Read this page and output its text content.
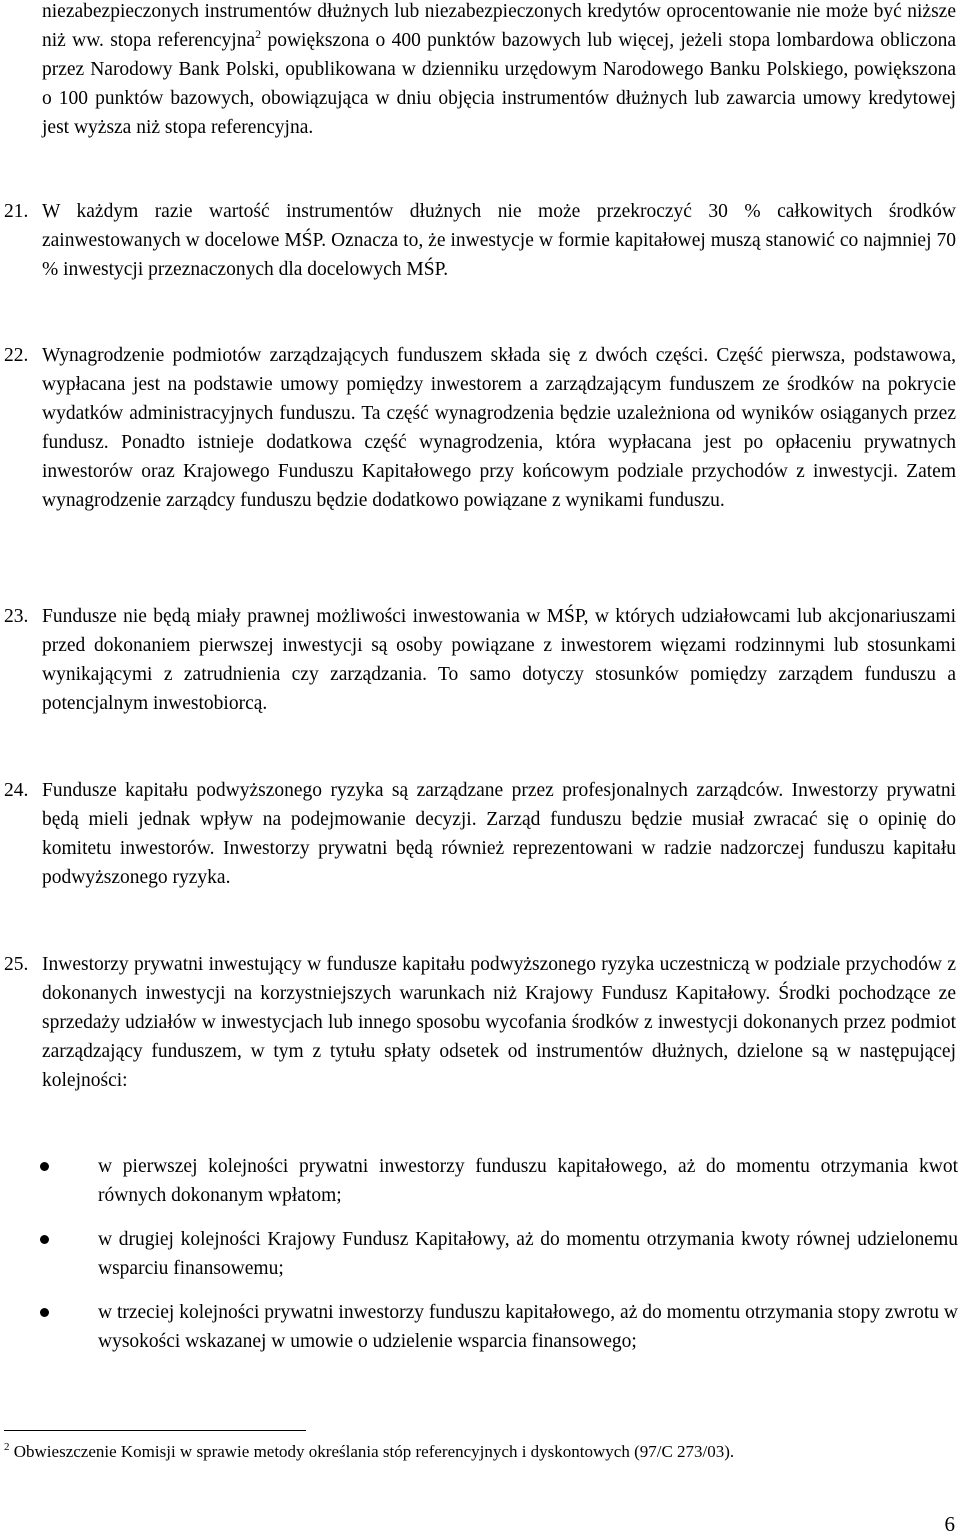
niezabezpieczonych instrumentów dłużnych lub niezabezpieczonych kredytów oprocentowanie nie może być niższe niż ww. stopa referencyjna$^2$ powiększona o 400 punktów bazowych lub więcej, jeżeli stopa lombardowa obliczona przez Narodowy Bank Polski, opublikowana w dzienniku urzędowym Narodowego Banku Polskiego, powiększona o 100 punktów bazowych, obowiązująca w dniu objęcia instrumentów dłużnych lub zawarcia umowy kredytowej jest wyższa niż stopa referencyjna.

21. W każdym razie wartość instrumentów dłużnych nie może przekroczyć 30 % całkowitych środków zainwestowanych w docelowe MŚP. Oznacza to, że inwestycje w formie kapitałowej muszą stanowić co najmniej 70 % inwestycji przeznaczonych dla docelowych MŚP.
22. Wynagrodzenie podmiotów zarządzających funduszem składa się z dwóch części. Część pierwsza, podstawowa, wypłacana jest na podstawie umowy pomiędzy inwestorem a zarządzającym funduszem ze środków na pokrycie wydatków administracyjnych funduszu. Ta część wynagrodzenia będzie uzależniona od wyników osiąganych przez fundusz. Ponadto istnieje dodatkowa część wynagrodzenia, która wypłacana jest po opłaceniu prywatnych inwestorów oraz Krajowego Funduszu Kapitałowego przy końcowym podziale przychodów z inwestycji. Zatem wynagrodzenie zarządcy funduszu będzie dodatkowo powiązane z wynikami funduszu.
23. Fundusze nie będą miały prawnej możliwości inwestowania w MŚP, w których udziałowcami lub akcjonariuszami przed dokonaniem pierwszej inwestycji są osoby powiązane z inwestorem więzami rodzinnymi lub stosunkami wynikającymi z zatrudnienia czy zarządzania. To samo dotyczy stosunków pomiędzy zarządem funduszu a potencjalnym inwestobiorcą.
24. Fundusze kapitału podwyższonego ryzyka są zarządzane przez profesjonalnych zarządców. Inwestorzy prywatni będą mieli jednak wpływ na podejmowanie decyzji. Zarząd funduszu będzie musiał zwracać się o opinię do komitetu inwestorów. Inwestorzy prywatni będą również reprezentowani w radzie nadzorczej funduszu kapitału podwyższonego ryzyka.
25. Inwestorzy prywatni inwestujący w fundusze kapitału podwyższonego ryzyka uczestniczą w podziale przychodów z dokonanych inwestycji na korzystniejszych warunkach niż Krajowy Fundusz Kapitałowy. Środki pochodzące ze sprzedaży udziałów w inwestycjach lub innego sposobu wycofania środków z inwestycji dokonanych przez podmiot zarządzający funduszem, w tym z tytułu spłaty odsetek od instrumentów dłużnych, dzielone są w następującej kolejności:
w pierwszej kolejności prywatni inwestorzy funduszu kapitałowego, aż do momentu otrzymania kwot równych dokonanym wpłatom;
w drugiej kolejności Krajowy Fundusz Kapitałowy, aż do momentu otrzymania kwoty równej udzielonemu wsparciu finansowemu;
w trzeciej kolejności prywatni inwestorzy funduszu kapitałowego, aż do momentu otrzymania stopy zwrotu w wysokości wskazanej w umowie o udzielenie wsparcia finansowego;
$^2$ Obwieszczenie Komisji w sprawie metody określania stóp referencyjnych i dyskontowych (97/C 273/03).
6
